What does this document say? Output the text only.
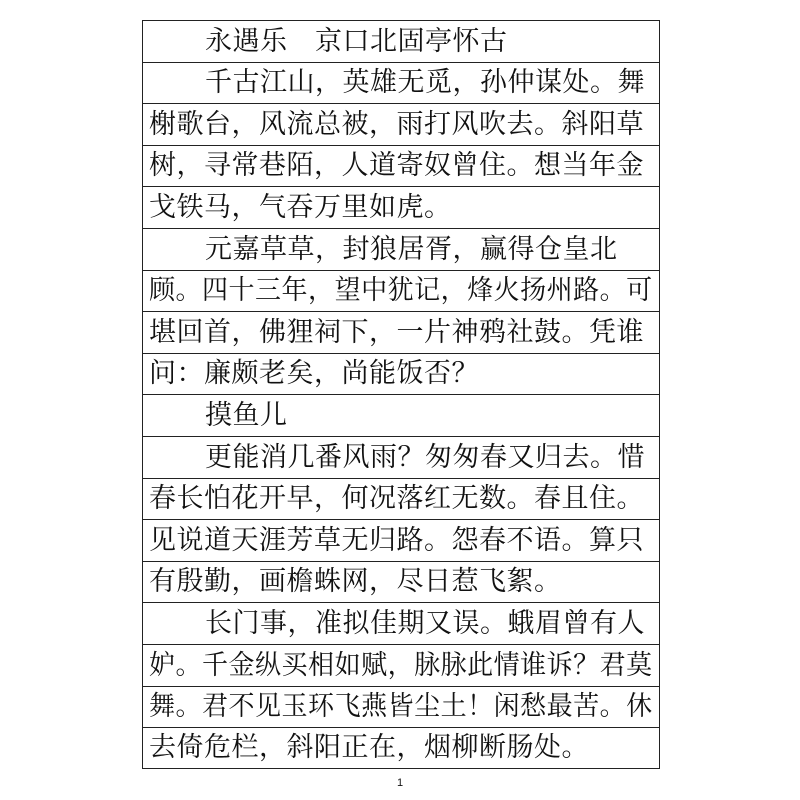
永遇乐　京口北固亭怀古
千古江山，英雄无觅，孙仲谋处。舞
榭歌台，风流总被，雨打风吹去。斜阳草
树，寻常巷陌，人道寄奴曾住。想当年金
戈铁马，气吞万里如虎。
元嘉草草，封狼居胥，赢得仓皇北
顾。四十三年，望中犹记，烽火扬州路。可
堪回首，佛狸祠下，一片神鸦社鼓。凭谁
问：廉颇老矣，尚能饭否？
摸鱼儿
更能消几番风雨？匆匆春又归去。惜
春长怕花开早，何况落红无数。春且住。
见说道天涯芳草无归路。怨春不语。算只
有殷勤，画檐蛛网，尽日惹飞絮。
长门事，准拟佳期又误。蛾眉曾有人
妒。千金纵买相如赋，脉脉此情谁诉？君莫
舞。君不见玉环飞燕皆尘土！闲愁最苦。休
去倚危栏，斜阳正在，烟柳断肠处。
1
